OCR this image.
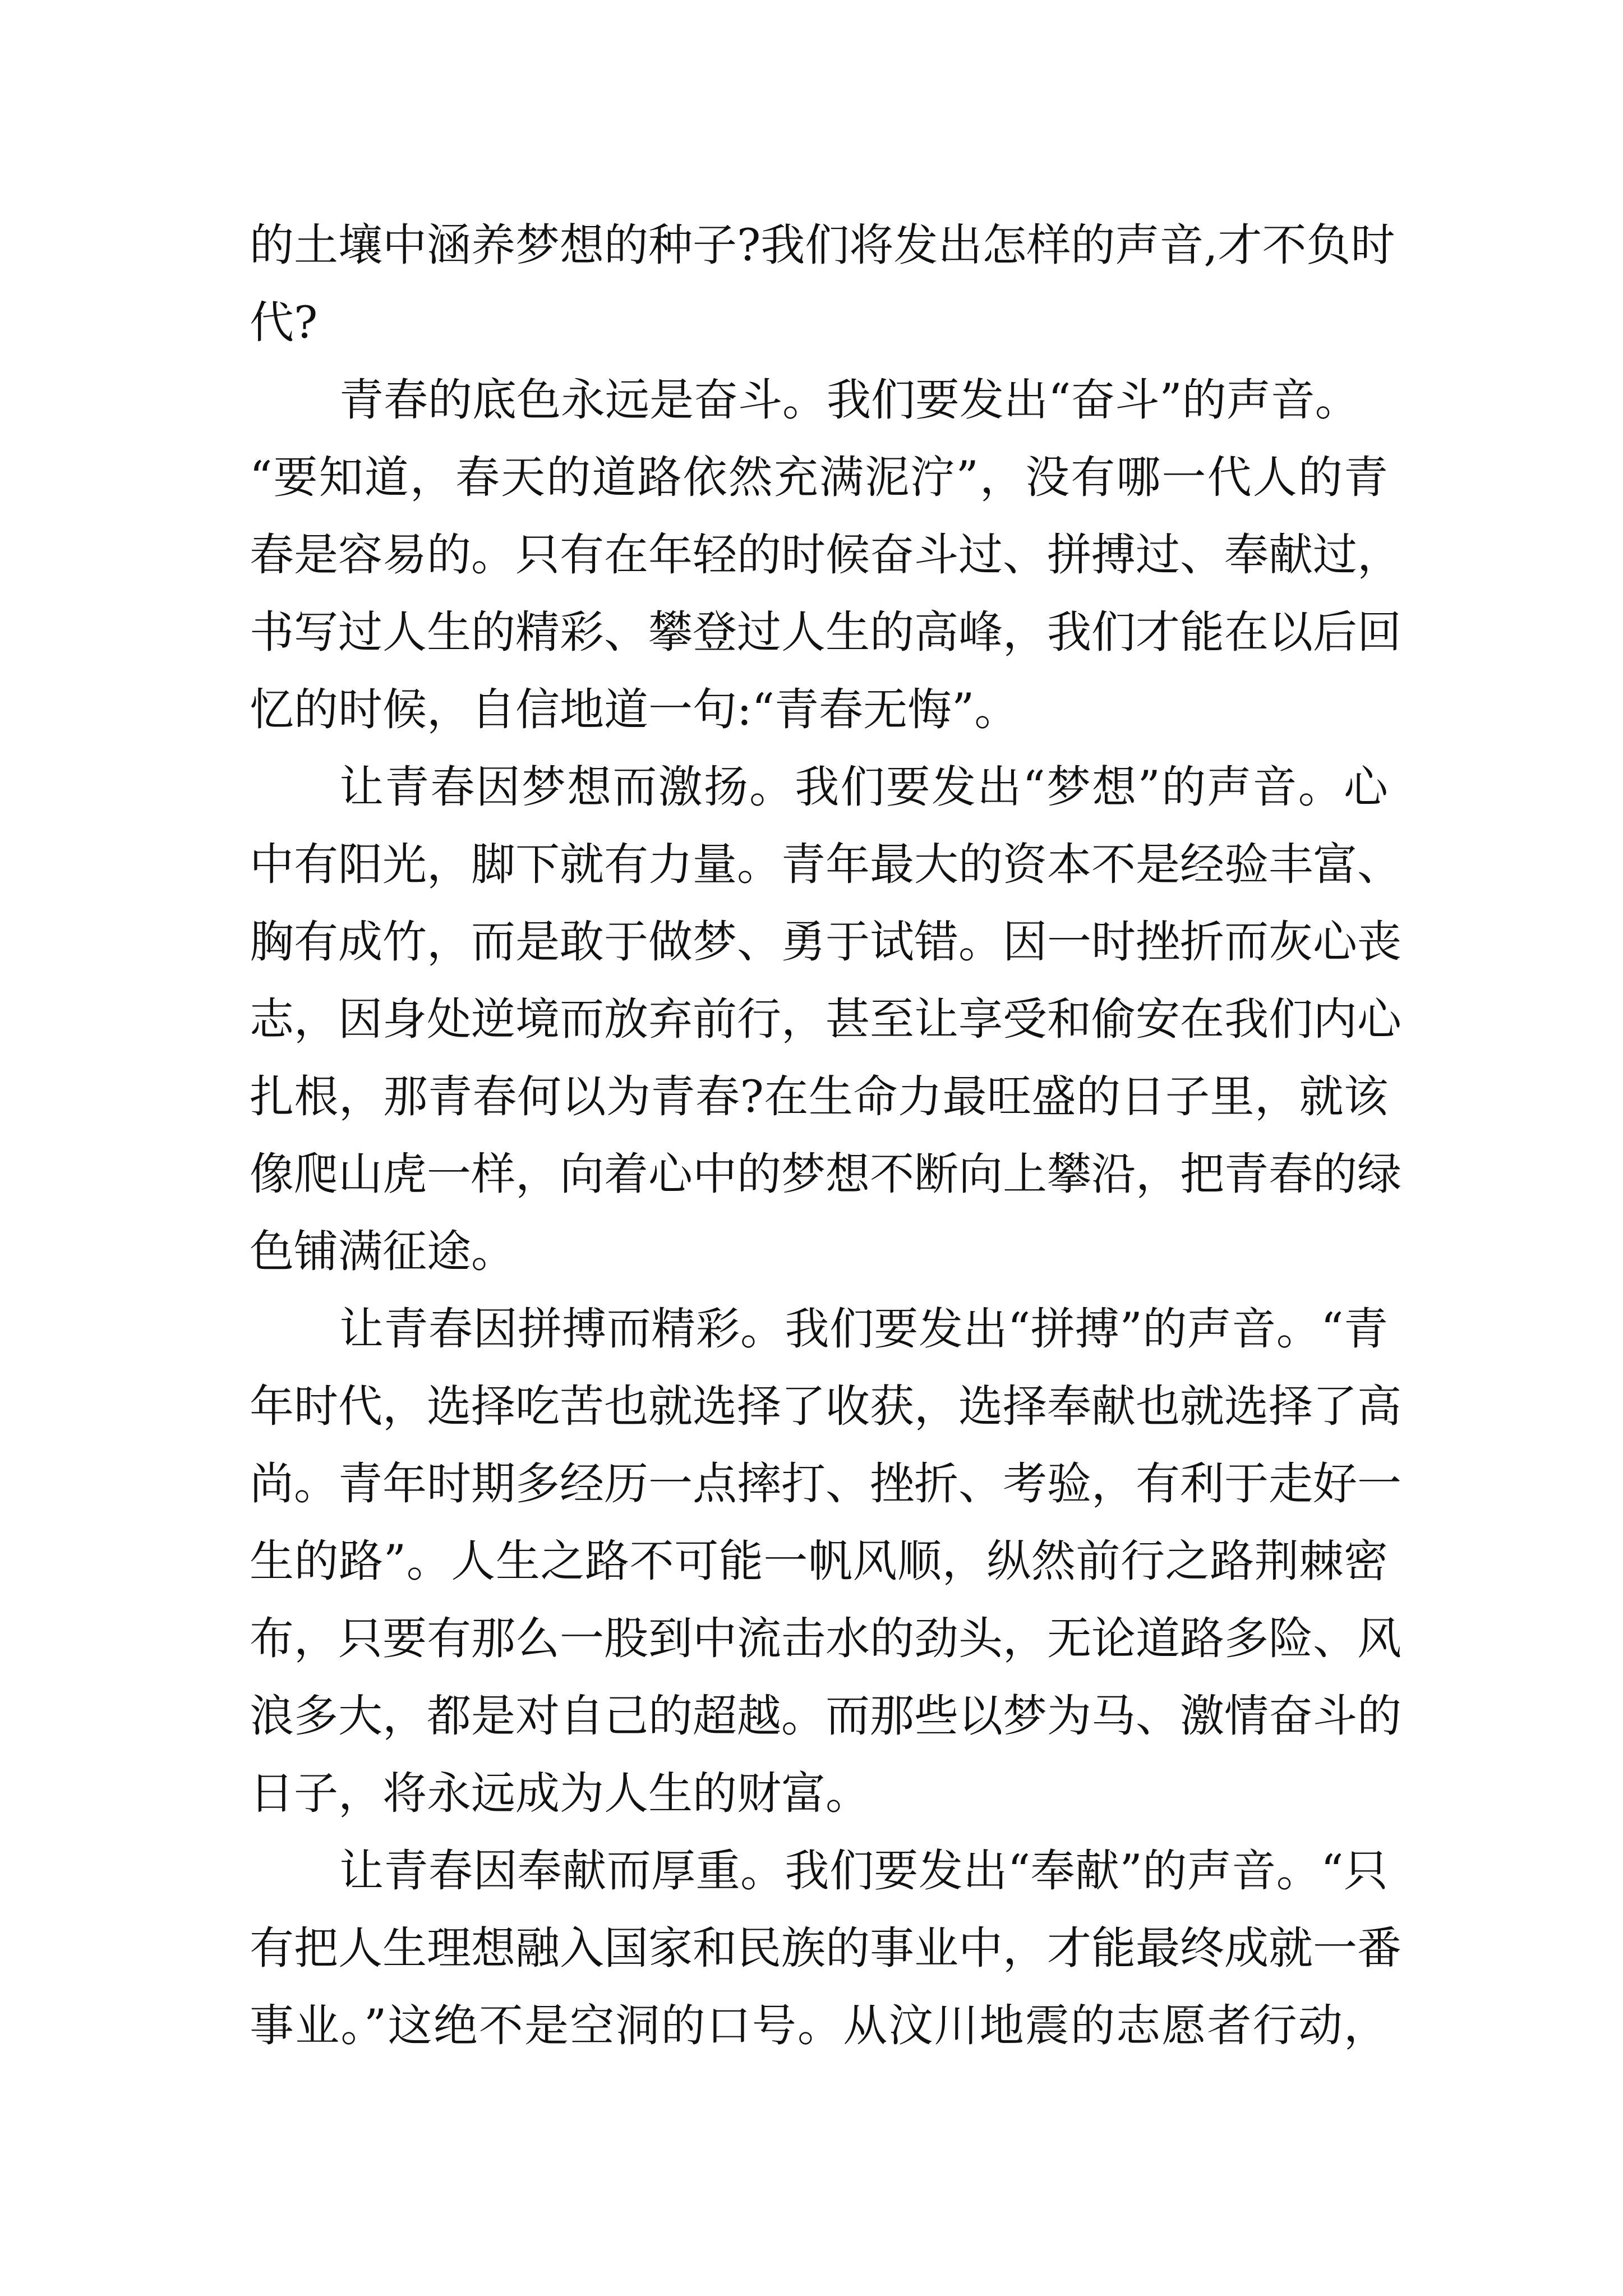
的土壤中涵养梦想的种子?我们将发出怎样的声音,才不负时
代?
青春的底色永远是奋斗。我们要发出“奋斗”的声音。
“要知道，春天的道路依然充满泥泞”，没有哪一代人的青
春是容易的。只有在年轻的时候奋斗过、拼搏过、奉献过，
书写过人生的精彩、攀登过人生的高峰，我们才能在以后回
忆的时候，自信地道一句:“青春无悔”。
让青春因梦想而激扬。我们要发出“梦想”的声音。心
中有阳光，脚下就有力量。青年最大的资本不是经验丰富、
胸有成竹，而是敢于做梦、勇于试错。因一时挫折而灰心丧
志，因身处逆境而放弃前行，甚至让享受和偷安在我们内心
扎根，那青春何以为青春?在生命力最旺盛的日子里，就该
像爬山虎一样，向着心中的梦想不断向上攀沿，把青春的绿
色铺满征途。
让青春因拼搏而精彩。我们要发出“拼搏”的声音。“青
年时代，选择吃苦也就选择了收获，选择奉献也就选择了高
尚。青年时期多经历一点摔打、挫折、考验，有利于走好一
生的路”。人生之路不可能一帆风顺，纵然前行之路荆棘密
布，只要有那么一股到中流击水的劲头，无论道路多险、风
浪多大，都是对自己的超越。而那些以梦为马、激情奋斗的
日子，将永远成为人生的财富。
让青春因奉献而厚重。我们要发出“奉献”的声音。“只
有把人生理想融入国家和民族的事业中，才能最终成就一番
事业。”这绝不是空洞的口号。从汶川地震的志愿者行动，
